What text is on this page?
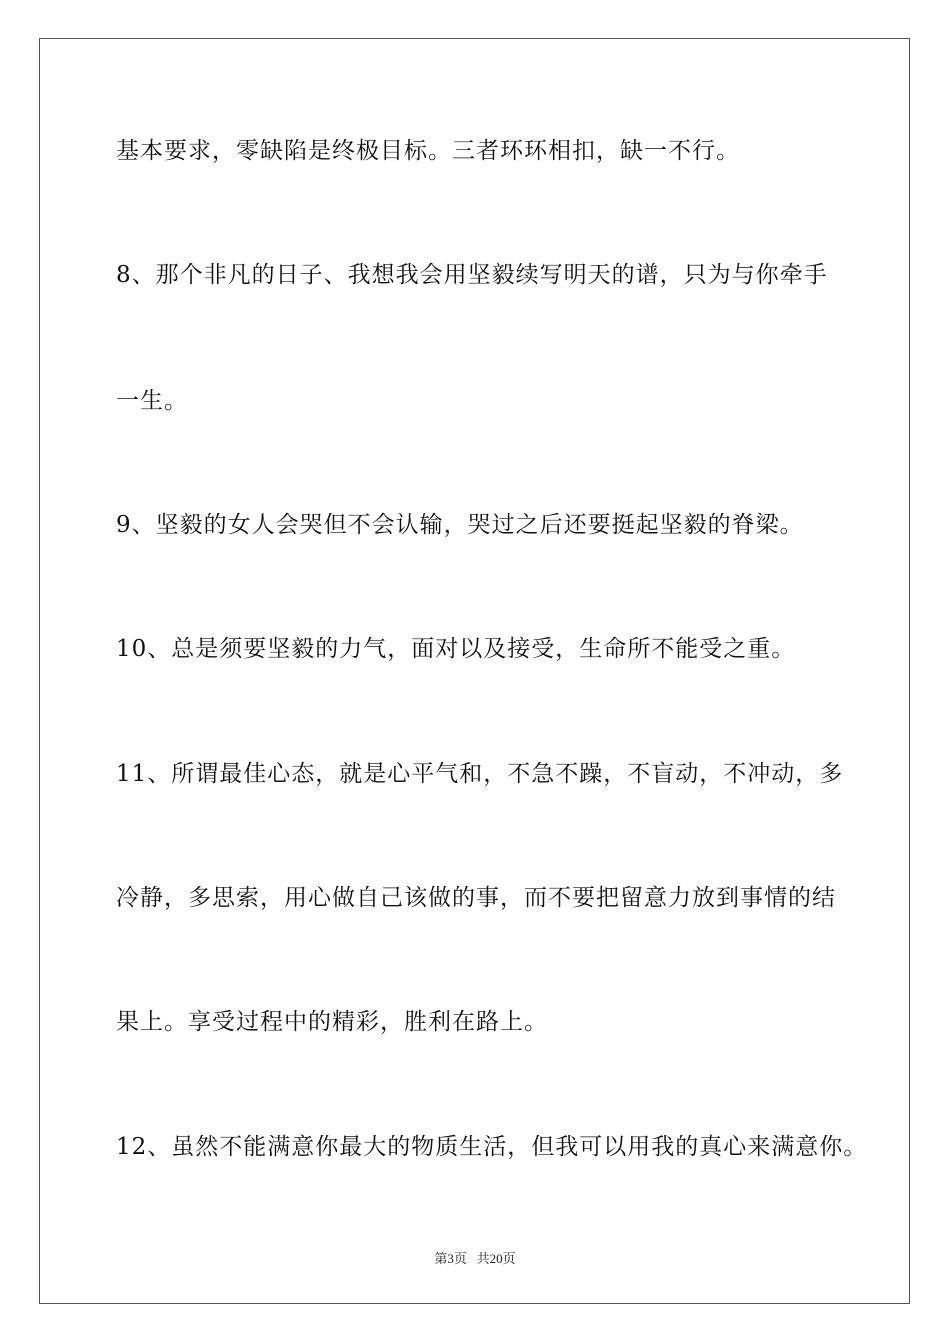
基本要求，零缺陷是终极目标。三者环环相扣，缺一不行。
8、那个非凡的日子、我想我会用坚毅续写明天的谱，只为与你牵手
一生。
9、坚毅的女人会哭但不会认输，哭过之后还要挺起坚毅的脊梁。
10、总是须要坚毅的力气，面对以及接受，生命所不能受之重。
11、所谓最佳心态，就是心平气和，不急不躁，不盲动，不冲动，多
冷静，多思索，用心做自己该做的事，而不要把留意力放到事情的结
果上。享受过程中的精彩，胜利在路上。
12、虽然不能满意你最大的物质生活，但我可以用我的真心来满意你。
第3页 共20页
